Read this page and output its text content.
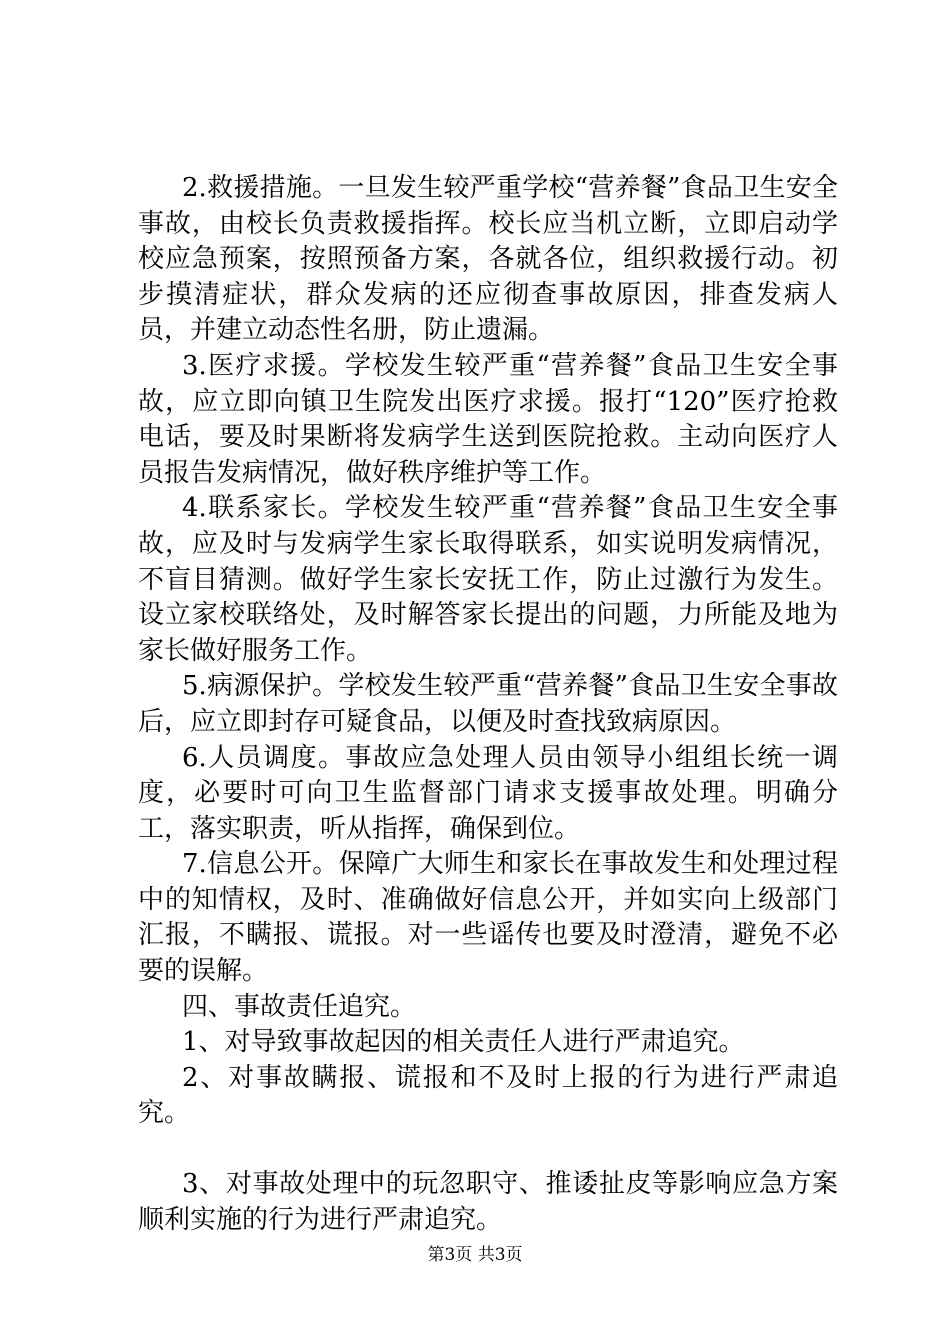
2.救援措施。一旦发生较严重学校“营养餐”食品卫生安全事故，由校长负责救援指挥。校长应当机立断，立即启动学校应急预案，按照预备方案，各就各位，组织救援行动。初步摸清症状，群众发病的还应彻查事故原因，排查发病人员，并建立动态性名册，防止遗漏。

3.医疗求援。学校发生较严重“营养餐”食品卫生安全事故，应立即向镇卫生院发出医疗求援。报打“120”医疗抢救电话，要及时果断将发病学生送到医院抢救。主动向医疗人员报告发病情况，做好秩序维护等工作。

4.联系家长。学校发生较严重“营养餐”食品卫生安全事故，应及时与发病学生家长取得联系，如实说明发病情况，不盲目猜测。做好学生家长安抚工作，防止过激行为发生。设立家校联络处，及时解答家长提出的问题，力所能及地为家长做好服务工作。

5.病源保护。学校发生较严重“营养餐”食品卫生安全事故后，应立即封存可疑食品，以便及时查找致病原因。

6.人员调度。事故应急处理人员由领导小组组长统一调度，必要时可向卫生监督部门请求支援事故处理。明确分工，落实职责，听从指挥，确保到位。

7.信息公开。保障广大师生和家长在事故发生和处理过程中的知情权，及时、准确做好信息公开，并如实向上级部门汇报，不瞒报、谎报。对一些谣传也要及时澄清，避免不必要的误解。

四、事故责任追究。

1、对导致事故起因的相关责任人进行严肃追究。

2、对事故瞒报、谎报和不及时上报的行为进行严肃追究。

3、对事故处理中的玩忽职守、推诿扯皮等影响应急方案顺利实施的行为进行严肃追究。

第3页 共3页
